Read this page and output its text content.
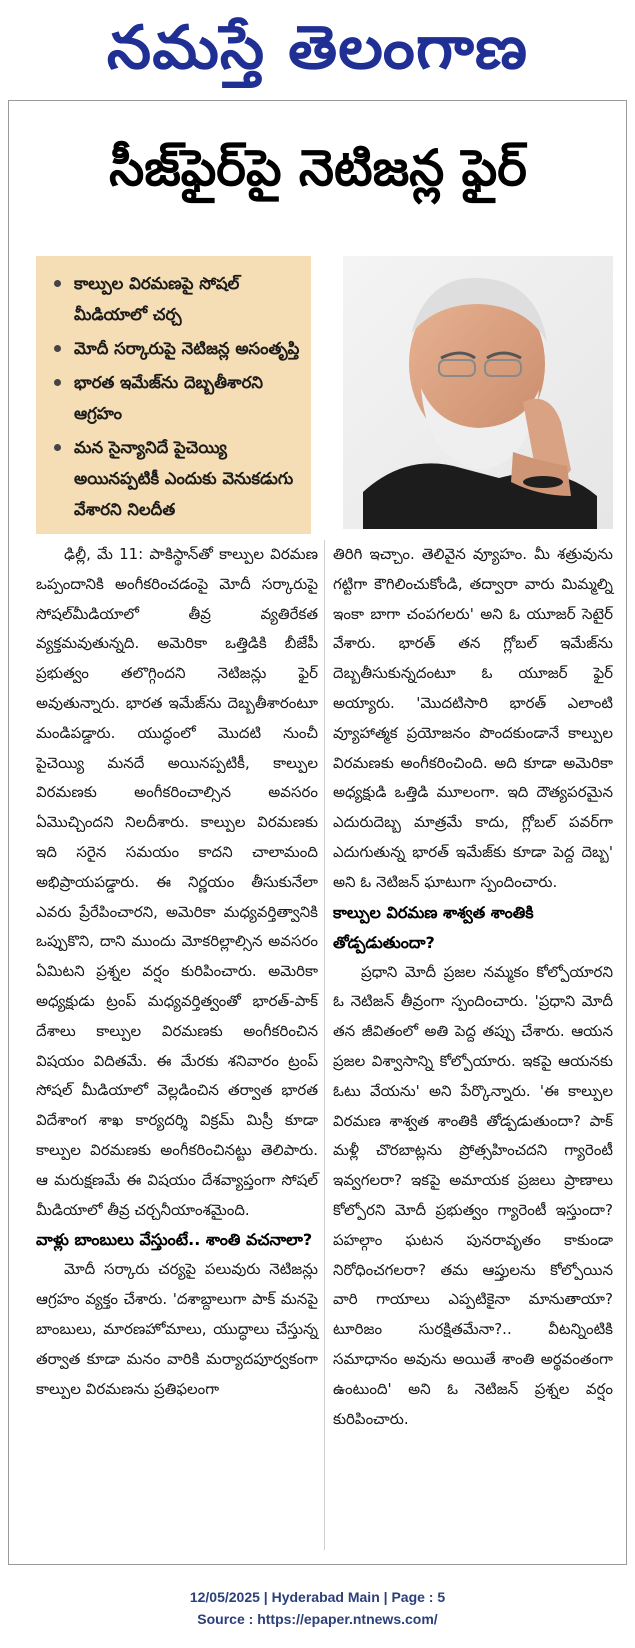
నమస్తే తెలంగాణ
సీజ్‌ఫైర్‌పై నెటిజన్ల ఫైర్
కాల్పుల విరమణపై సోషల్ మీడియాలో చర్చ
మోదీ సర్కారుపై నెటిజన్ల అసంతృప్తి
భారత ఇమేజ్‌ను దెబ్బతీశారని ఆగ్రహం
మన సైన్యానిదే పైచెయ్యి అయినప్పటికీ ఎందుకు వెనుకడుగు వేశారని నిలదీత

ఢిల్లీ, మే 11: పాకిస్థాన్‌తో కాల్పుల విరమణ ఒప్పందానికి అంగీకరించడంపై మోదీ సర్కారుపై సోషల్‌మీడియాలో తీవ్ర వ్యతిరేకత వ్యక్తమవుతున్నది. అమెరికా ఒత్తిడికి బీజేపీ ప్రభుత్వం తలొగ్గిందని నెటిజన్లు ఫైర్ అవుతున్నారు. భారత ఇమేజ్‌ను దెబ్బతీశారంటూ మండిపడ్డారు. యుద్ధంలో మొదటి నుంచీ పైచెయ్యి మనదే అయినప్పటికీ, కాల్పుల విరమణకు అంగీకరించాల్సిన అవసరం ఏమొచ్చిందని నిలదీశారు. కాల్పుల విరమణకు ఇది సరైన సమయం కాదని చాలామంది అభిప్రాయపడ్డారు. ఈ నిర్ణయం తీసుకునేలా ఎవరు ప్రేరేపించారని, అమెరికా మధ్యవర్తిత్వానికి ఒప్పుకొని, దాని ముందు మోకరిల్లాల్సిన అవసరం ఏమిటని ప్రశ్నల వర్షం కురిపించారు. అమెరికా అధ్యక్షుడు ట్రంప్ మధ్యవర్తిత్వంతో భారత్-పాక్ దేశాలు కాల్పుల విరమణకు అంగీకరించిన విషయం విదితమే. ఈ మేరకు శనివారం ట్రంప్ సోషల్ మీడియాలో వెల్లడించిన తర్వాత భారత విదేశాంగ శాఖ కార్యదర్శి విక్రమ్ మిస్రీ కూడా కాల్పుల విరమణకు అంగీకరించినట్టు తెలిపారు. ఆ మరుక్షణమే ఈ విషయం దేశవ్యాప్తంగా సోషల్ మీడియాలో తీవ్ర చర్చనీయాంశమైంది.

వాళ్లు బాంబులు వేస్తుంటే.. శాంతి వచనాలా?

మోదీ సర్కారు చర్యపై పలువురు నెటిజన్లు ఆగ్రహం వ్యక్తం చేశారు. 'దశాబ్దాలుగా పాక్ మనపై బాంబులు, మారణహోమాలు, యుద్ధాలు చేస్తున్న తర్వాత కూడా మనం వారికి మర్యాదపూర్వకంగా కాల్పుల విరమణను ప్రతిఫలంగా

తిరిగి ఇచ్చాం. తెలివైన వ్యూహం. మీ శత్రువును గట్టిగా కౌగిలించుకోండి, తద్వారా వారు మిమ్మల్ని ఇంకా బాగా చంపగలరు' అని ఓ యూజర్ సెటైర్ వేశారు. భారత్ తన గ్లోబల్ ఇమేజ్‌ను దెబ్బతీసుకున్నదంటూ ఓ యూజర్ ఫైర్ అయ్యారు. 'మొదటిసారి భారత్ ఎలాంటి వ్యూహాత్మక ప్రయోజనం పొందకుండానే కాల్పుల విరమణకు అంగీకరించింది. అది కూడా అమెరికా అధ్యక్షుడి ఒత్తిడి మూలంగా. ఇది దౌత్యపరమైన ఎదురుదెబ్బ మాత్రమే కాదు, గ్లోబల్ పవర్‌గా ఎదుగుతున్న భారత్ ఇమేజ్‌కు కూడా పెద్ద దెబ్బ' అని ఓ నెటిజన్ ఘాటుగా స్పందించారు.

కాల్పుల విరమణ శాశ్వత శాంతికి తోడ్పడుతుందా?

ప్రధాని మోదీ ప్రజల నమ్మకం కోల్పోయారని ఓ నెటిజన్ తీవ్రంగా స్పందించారు. 'ప్రధాని మోదీ తన జీవితంలో అతి పెద్ద తప్పు చేశారు. ఆయన ప్రజల విశ్వాసాన్ని కోల్పోయారు. ఇకపై ఆయనకు ఓటు వేయను' అని పేర్కొన్నారు. 'ఈ కాల్పుల విరమణ శాశ్వత శాంతికి తోడ్పడుతుందా? పాక్ మళ్లీ చొరబాట్లను ప్రోత్సహించదని గ్యారెంటీ ఇవ్వగలరా? ఇకపై అమాయక ప్రజలు ప్రాణాలు కోల్పోరని మోదీ ప్రభుత్వం గ్యారెంటీ ఇస్తుందా? పహల్గాం ఘటన పునరావృతం కాకుండా నిరోధించగలరా? తమ ఆప్తులను కోల్పోయిన వారి గాయాలు ఎప్పటికైనా మానుతాయా? టూరిజం సురక్షితమేనా?.. వీటన్నింటికి సమాధానం అవును అయితే శాంతి అర్థవంతంగా ఉంటుంది' అని ఓ నెటిజన్ ప్రశ్నల వర్షం కురిపించారు.

12/05/2025 | Hyderabad Main | Page : 5
Source : https://epaper.ntnews.com/
